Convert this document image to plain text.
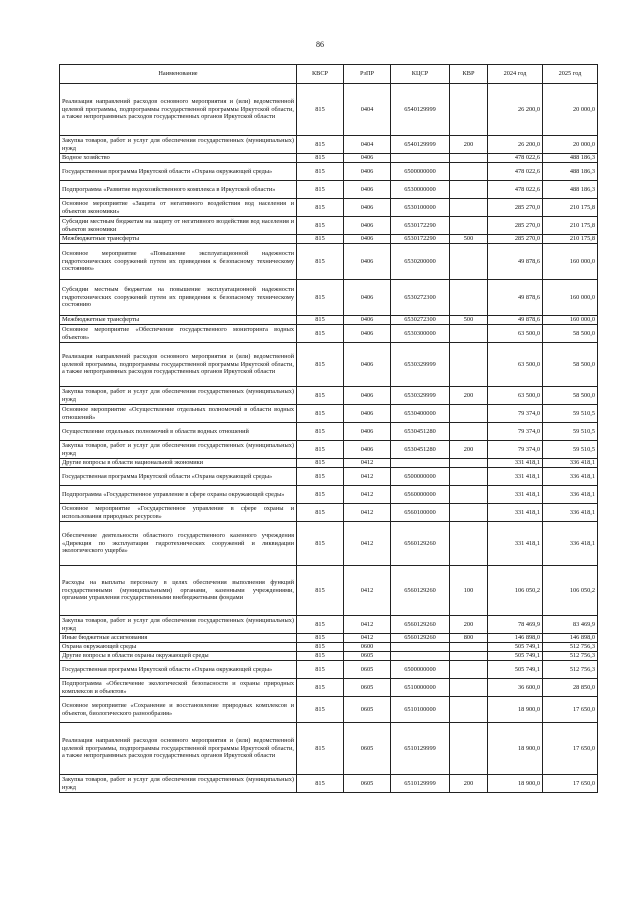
86
Наименование	КВСР	РзПР	КЦСР	КВР	2024 год	2025 год
Реализация направлений расходов основного мероприятия и (или) ведомственной целевой программы, подпрограммы государственной программы Иркутской области, а также непрограммных расходов государственных органов Иркутской области	815	0404	6540129999		26 200,0	20 000,0
Закупка товаров, работ и услуг для обеспечения государственных (муниципальных) нужд	815	0404	6540129999	200	26 200,0	20 000,0
Водное хозяйство	815	0406			478 022,6	488 186,3
Государственная программа Иркутской области «Охрана окружающей среды»	815	0406	6500000000		478 022,6	488 186,3
Подпрограмма «Развитие водохозяйственного комплекса в Иркутской области»	815	0406	6530000000		478 022,6	488 186,3
Основное мероприятие «Защита от негативного воздействия вод населения и объектов экономики»	815	0406	6530100000		285 270,0	210 175,8
Субсидии местным бюджетам на защиту от негативного воздействия вод населения и объектов экономики	815	0406	6530172290		285 270,0	210 175,8
Межбюджетные трансферты	815	0406	6530172290	500	285 270,0	210 175,8
Основное мероприятие «Повышение эксплуатационной надежности гидротехнических сооружений путем их приведения к безопасному техническому состоянию»	815	0406	6530200000		49 878,6	160 000,0
Субсидии местным бюджетам на повышение эксплуатационной надежности гидротехнических сооружений путем их приведения к безопасному техническому состоянию	815	0406	6530272300		49 878,6	160 000,0
Межбюджетные трансферты	815	0406	6530272300	500	49 878,6	160 000,0
Основное мероприятие «Обеспечение государственного мониторинга водных объектов»	815	0406	6530300000		63 500,0	58 500,0
Реализация направлений расходов основного мероприятия и (или) ведомственной целевой программы, подпрограммы государственной программы Иркутской области, а также непрограммных расходов государственных органов Иркутской области	815	0406	6530329999		63 500,0	58 500,0
Закупка товаров, работ и услуг для обеспечения государственных (муниципальных) нужд	815	0406	6530329999	200	63 500,0	58 500,0
Основное мероприятие «Осуществление отдельных полномочий в области водных отношений»	815	0406	6530400000		79 374,0	59 510,5
Осуществление отдельных полномочий в области водных отношений	815	0406	6530451280		79 374,0	59 510,5
Закупка товаров, работ и услуг для обеспечения государственных (муниципальных) нужд	815	0406	6530451280	200	79 374,0	59 510,5
Другие вопросы в области национальной экономики	815	0412			331 418,1	336 418,1
Государственная программа Иркутской области «Охрана окружающей среды»	815	0412	6500000000		331 418,1	336 418,1
Подпрограмма «Государственное управление в сфере охраны окружающей среды»	815	0412	6560000000		331 418,1	336 418,1
Основное мероприятие «Государственное управление в сфере охраны и использования природных ресурсов»	815	0412	6560100000		331 418,1	336 418,1
Обеспечение деятельности областного государственного казенного учреждения «Дирекция по эксплуатации гидротехнических сооружений и ликвидации экологического ущерба»	815	0412	6560129260		331 418,1	336 418,1
Расходы на выплаты персоналу в целях обеспечения выполнения функций государственными (муниципальными) органами, казенными учреждениями, органами управления государственными внебюджетными фондами	815	0412	6560129260	100	106 050,2	106 050,2
Закупка товаров, работ и услуг для обеспечения государственных (муниципальных) нужд	815	0412	6560129260	200	78 469,9	83 469,9
Иные бюджетные ассигнования	815	0412	6560129260	800	146 898,0	146 898,0
Охрана окружающей среды	815	0600			505 749,1	512 756,3
Другие вопросы в области охраны окружающей среды	815	0605			505 749,1	512 756,3
Государственная программа Иркутской области «Охрана окружающей среды»	815	0605	6500000000		505 749,1	512 756,3
Подпрограмма «Обеспечение экологической безопасности и охраны природных комплексов и объектов»	815	0605	6510000000		36 600,0	28 850,0
Основное мероприятие «Сохранение и восстановление природных комплексов и объектов, биологического разнообразия»	815	0605	6510100000		18 900,0	17 650,0
Реализация направлений расходов основного мероприятия и (или) ведомственной целевой программы, подпрограммы государственной программы Иркутской области, а также непрограммных расходов государственных органов Иркутской области	815	0605	6510129999		18 900,0	17 650,0
Закупка товаров, работ и услуг для обеспечения государственных (муниципальных) нужд	815	0605	6510129999	200	18 900,0	17 650,0
